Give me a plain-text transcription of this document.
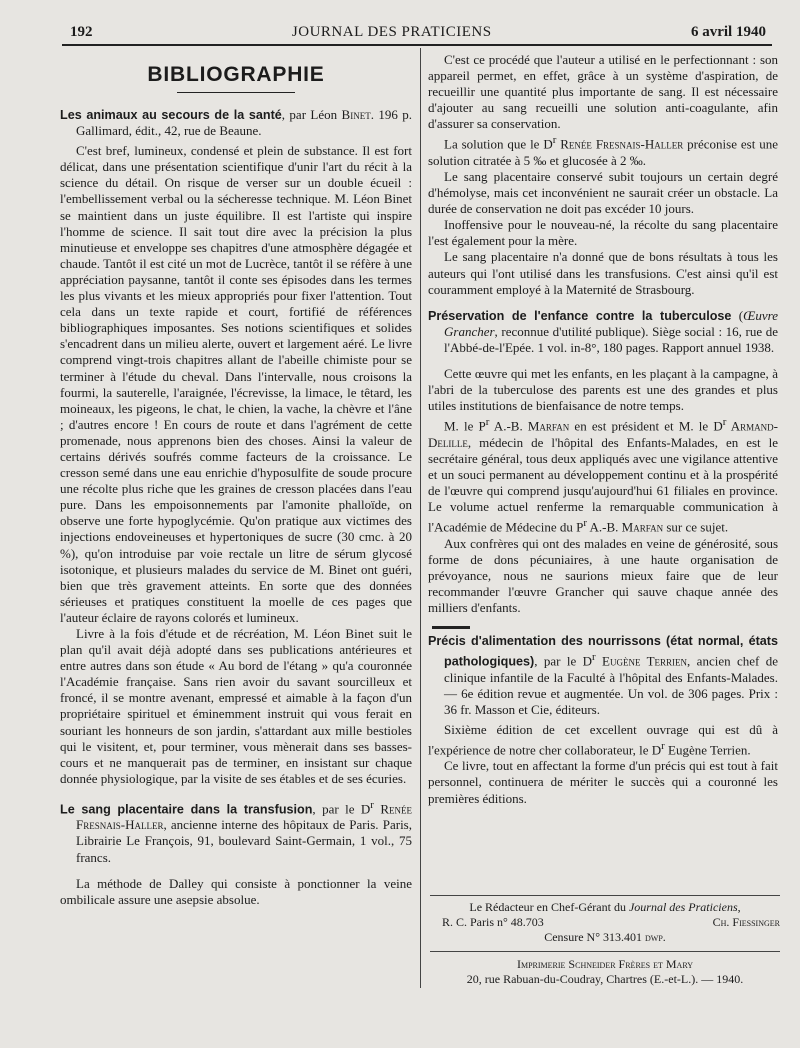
192	JOURNAL DES PRATICIENS	6 avril 1940
BIBLIOGRAPHIE

Les animaux au secours de la santé, par Léon Binet. 196 p. Gallimard, édit., 42, rue de Beaune.

C'est bref, lumineux, condensé et plein de substance. Il est fort délicat, dans une présentation scientifique d'unir l'art du récit à la science du détail. On risque de verser sur un double écueil : l'embellissement verbal ou la sécheresse technique. M. Léon Binet se maintient dans un juste équilibre. Il est l'artiste qui inspire l'homme de science. Il sait tout dire avec la précision la plus minutieuse et enveloppe ses chapitres d'une atmosphère dégagée et chaude. Tantôt il est cité un mot de Lucrèce, tantôt il se réfère à une appréciation paysanne, tantôt il conte ses épisodes dans les termes les plus vivants et les mieux appropriés pour fixer l'attention. Tout cela dans un texte rapide et court, fortifié de références bibliographiques imposantes. Ses notions scientifiques et solides s'encadrent dans un milieu alerte, ouvert et largement aéré. Le livre comprend vingt-trois chapitres allant de l'abeille chimiste pour se terminer à l'étude du cheval. Dans l'intervalle, nous croisons la fourmi, la sauterelle, l'araignée, l'écrevisse, la limace, le têtard, les moineaux, les pigeons, le chat, le chien, la vache, la chèvre et l'âne ; d'autres encore ! En cours de route et dans l'agrément de cette promenade, nous apprenons bien des choses. Ainsi la valeur de certains dérivés soufrés comme facteurs de la croissance. Le cresson semé dans une eau enrichie d'hyposulfite de soude procure une récolte plus riche que les graines de cresson placées dans l'eau pure. Dans les empoisonnements par l'amonite phalloïde, on observe une forte hypoglycémie. Qu'on pratique aux victimes des injections endoveineuses et hypertoniques de sucre (30 cmc. à 20 %), qu'on introduise par voie rectale un litre de sérum glycosé isotonique, et plusieurs malades du service de M. Binet ont guéri, bien que très gravement atteints. En sorte que des données sérieuses et pratiques constituent la moelle de ces pages que l'auteur éclaire de rayons colorés et lumineux.

Livre à la fois d'étude et de récréation, M. Léon Binet suit le plan qu'il avait déjà adopté dans ses publications antérieures et entre autres dans son étude « Au bord de l'étang » qu'a couronnée l'Académie française. Sans rien avoir du savant sourcilleux et froncé, il se montre avenant, empressé et aimable à la façon d'un propriétaire spirituel et éminemment instruit qui vous ferait en souriant les honneurs de son jardin, s'attardant aux mille bestioles qui le visitent, et, pour terminer, vous mènerait dans ses basses-cours et ne manquerait pas de terminer, en insistant sur chaque donnée physiologique, par la visite de ses étables et de ses écuries.

Le sang placentaire dans la transfusion, par le $D^r$ Renée Fresnais-Haller, ancienne interne des hôpitaux de Paris. Paris, Librairie Le François, 91, boulevard Saint-Germain, 1 vol., 75 francs.

La méthode de Dalley qui consiste à ponctionner la veine ombilicale assure une asepsie absolue.

C'est ce procédé que l'auteur a utilisé en le perfectionnant : son appareil permet, en effet, grâce à un système d'aspiration, de recueillir une quantité plus importante de sang. Il est nécessaire d'ajouter au sang recueilli une solution anti-coagulante, afin d'assurer sa conservation.

La solution que le $D^r$ Renée Fresnais-Haller préconise est une solution citratée à 5 ‰ et glucosée à 2 ‰.

Le sang placentaire conservé subit toujours un certain degré d'hémolyse, mais cet inconvénient ne saurait créer un obstacle. La durée de conservation ne doit pas excéder 10 jours.

Inoffensive pour le nouveau-né, la récolte du sang placentaire l'est également pour la mère.

Le sang placentaire n'a donné que de bons résultats à tous les auteurs qui l'ont utilisé dans les transfusions. C'est ainsi qu'il est couramment employé à la Maternité de Strasbourg.

Préservation de l'enfance contre la tuberculose (Œuvre Grancher, reconnue d'utilité publique). Siège social : 16, rue de l'Abbé-de-l'Epée. 1 vol. in-8°, 180 pages. Rapport annuel 1938.

Cette œuvre qui met les enfants, en les plaçant à la campagne, à l'abri de la tuberculose des parents est une des grandes et plus utiles institutions de bienfaisance de notre temps.

M. le $P^r$ A.-B. Marfan en est président et M. le $D^r$ Armand-Delille, médecin de l'hôpital des Enfants-Malades, en est le secrétaire général, tous deux appliqués avec une vigilance attentive et un souci permanent au développement continu et à la prospérité de l'œuvre qui comprend jusqu'aujourd'hui 61 filiales en province. Le volume actuel renferme la remarquable communication à l'Académie de Médecine du $P^r$ A.-B. Marfan sur ce sujet.

Aux confrères qui ont des malades en veine de générosité, sous forme de dons pécuniaires, à une haute organisation de prévoyance, nous ne saurions mieux faire que de leur recommander l'œuvre Grancher qui sauve chaque année des milliers d'enfants.

Précis d'alimentation des nourrissons (état normal, états pathologiques), par le $D^r$ Eugène Terrien, ancien chef de clinique infantile de la Faculté à l'hôpital des Enfants-Malades. — 6e édition revue et augmentée. Un vol. de 306 pages. Prix : 36 fr. Masson et Cie, éditeurs.

Sixième édition de cet excellent ouvrage qui est dû à l'expérience de notre cher collaborateur, le $D^r$ Eugène Terrien.

Ce livre, tout en affectant la forme d'un précis qui est tout à fait personnel, continuera de mériter le succès qui a couronné les premières éditions.

Le Rédacteur en Chef-Gérant du Journal des Praticiens,
R. C. Paris n° 48.703	Ch. Fiessinger
Censure N° 313.401 dwp.
Imprimerie Schneider Frères et Mary
20, rue Rabuan-du-Coudray, Chartres (E.-et-L.). — 1940.
